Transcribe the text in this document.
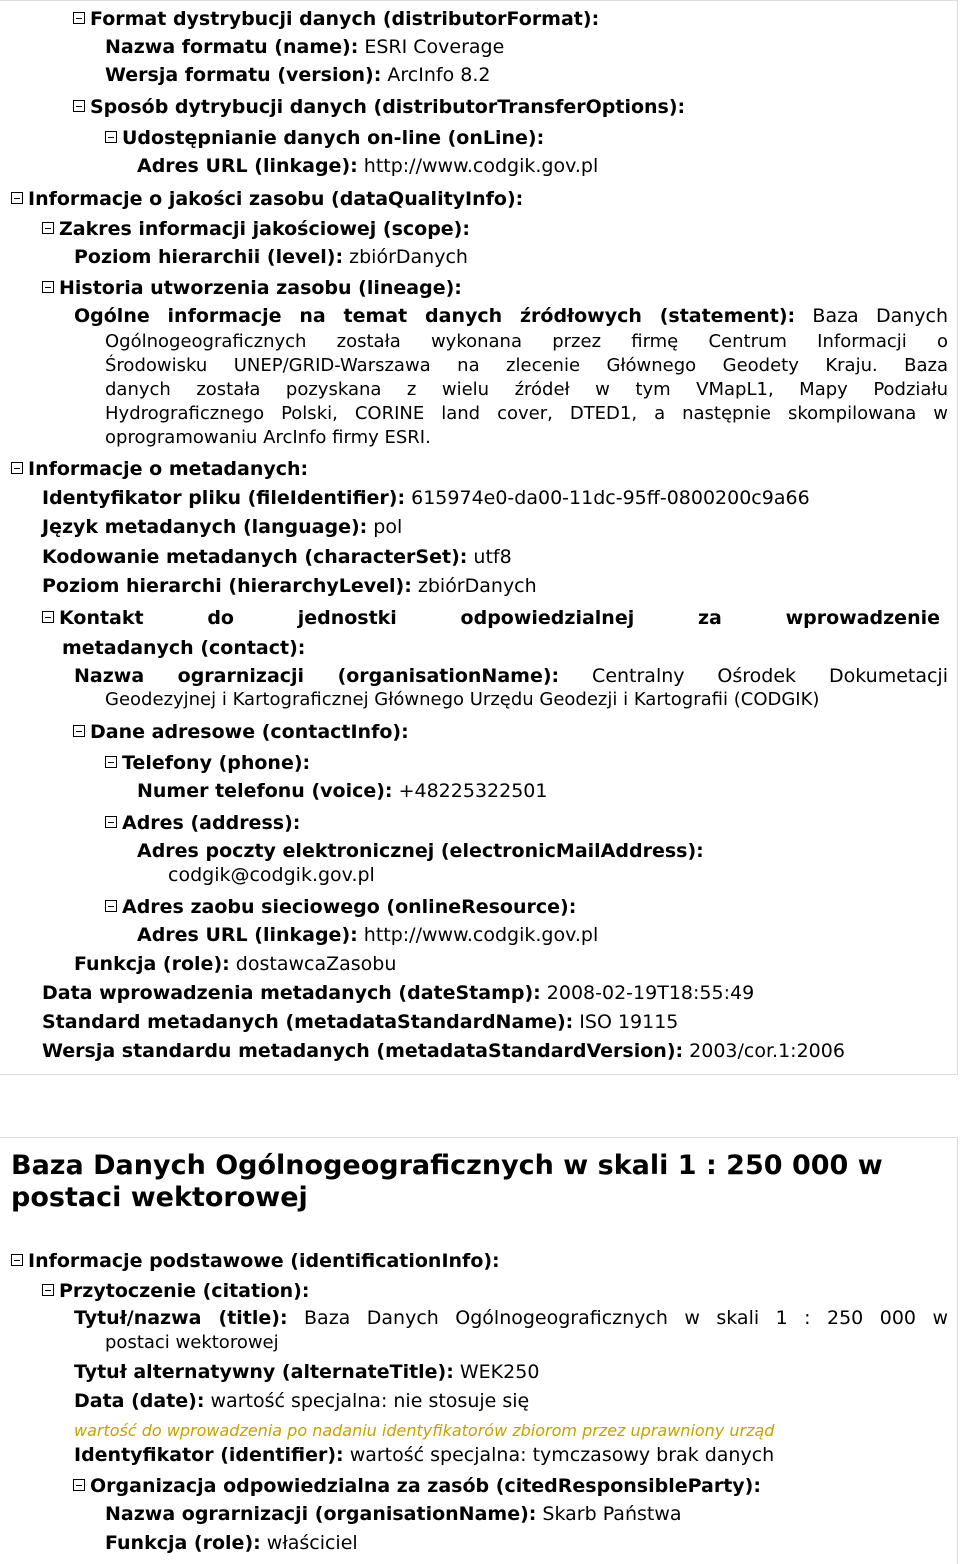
Format dystrybucji danych (distributorFormat):
Nazwa formatu (name): ESRI Coverage
Wersja formatu (version): ArcInfo 8.2
Sposób dytrybucji danych (distributorTransferOptions):
Udostępnianie danych on-line (onLine):
Adres URL (linkage): http://www.codgik.gov.pl
Informacje o jakości zasobu (dataQualityInfo):
Zakres informacji jakościowej (scope):
Poziom hierarchii (level): zbiórDanych
Historia utworzenia zasobu (lineage):
Ogólne informacje na temat danych źródłowych (statement): Baza Danych
Ogólnogeograficznych została wykonana przez firmę Centrum Informacji o
Środowisku UNEP/GRID-Warszawa na zlecenie Głównego Geodety Kraju. Baza
danych została pozyskana z wielu źródeł w tym VMapL1, Mapy Podziału
Hydrograficznego Polski, CORINE land cover, DTED1, a następnie skompilowana w
oprogramowaniu ArcInfo firmy ESRI.
Informacje o metadanych:
Identyfikator pliku (fileIdentifier): 615974e0-da00-11dc-95ff-0800200c9a66
Język metadanych (language): pol
Kodowanie metadanych (characterSet): utf8
Poziom hierarchi (hierarchyLevel): zbiórDanych
Kontakt do jednostki odpowiedzialnej za wprowadzenie
metadanych (contact):
Nazwa ograrnizacji (organisationName): Centralny Ośrodek Dokumetacji
Geodezyjnej i Kartograficznej Głównego Urzędu Geodezji i Kartografii (CODGIK)
Dane adresowe (contactInfo):
Telefony (phone):
Numer telefonu (voice): +48225322501
Adres (address):
Adres poczty elektronicznej (electronicMailAddress):
codgik@codgik.gov.pl
Adres zaobu sieciowego (onlineResource):
Adres URL (linkage): http://www.codgik.gov.pl
Funkcja (role): dostawcaZasobu
Data wprowadzenia metadanych (dateStamp): 2008-02-19T18:55:49
Standard metadanych (metadataStandardName): ISO 19115
Wersja standardu metadanych (metadataStandardVersion): 2003/cor.1:2006
Baza Danych Ogólnogeograficznych w skali 1 : 250 000 w postaci wektorowej
Informacje podstawowe (identificationInfo):
Przytoczenie (citation):
Tytuł/nazwa (title): Baza Danych Ogólnogeograficznych w skali 1 : 250 000 w
postaci wektorowej
Tytuł alternatywny (alternateTitle): WEK250
Data (date): wartość specjalna: nie stosuje się
wartość do wprowadzenia po nadaniu identyfikatorów zbiorom przez uprawniony urząd
Identyfikator (identifier): wartość specjalna: tymczasowy brak danych
Organizacja odpowiedzialna za zasób (citedResponsibleParty):
Nazwa ograrnizacji (organisationName): Skarb Państwa
Funkcja (role): właściciel
